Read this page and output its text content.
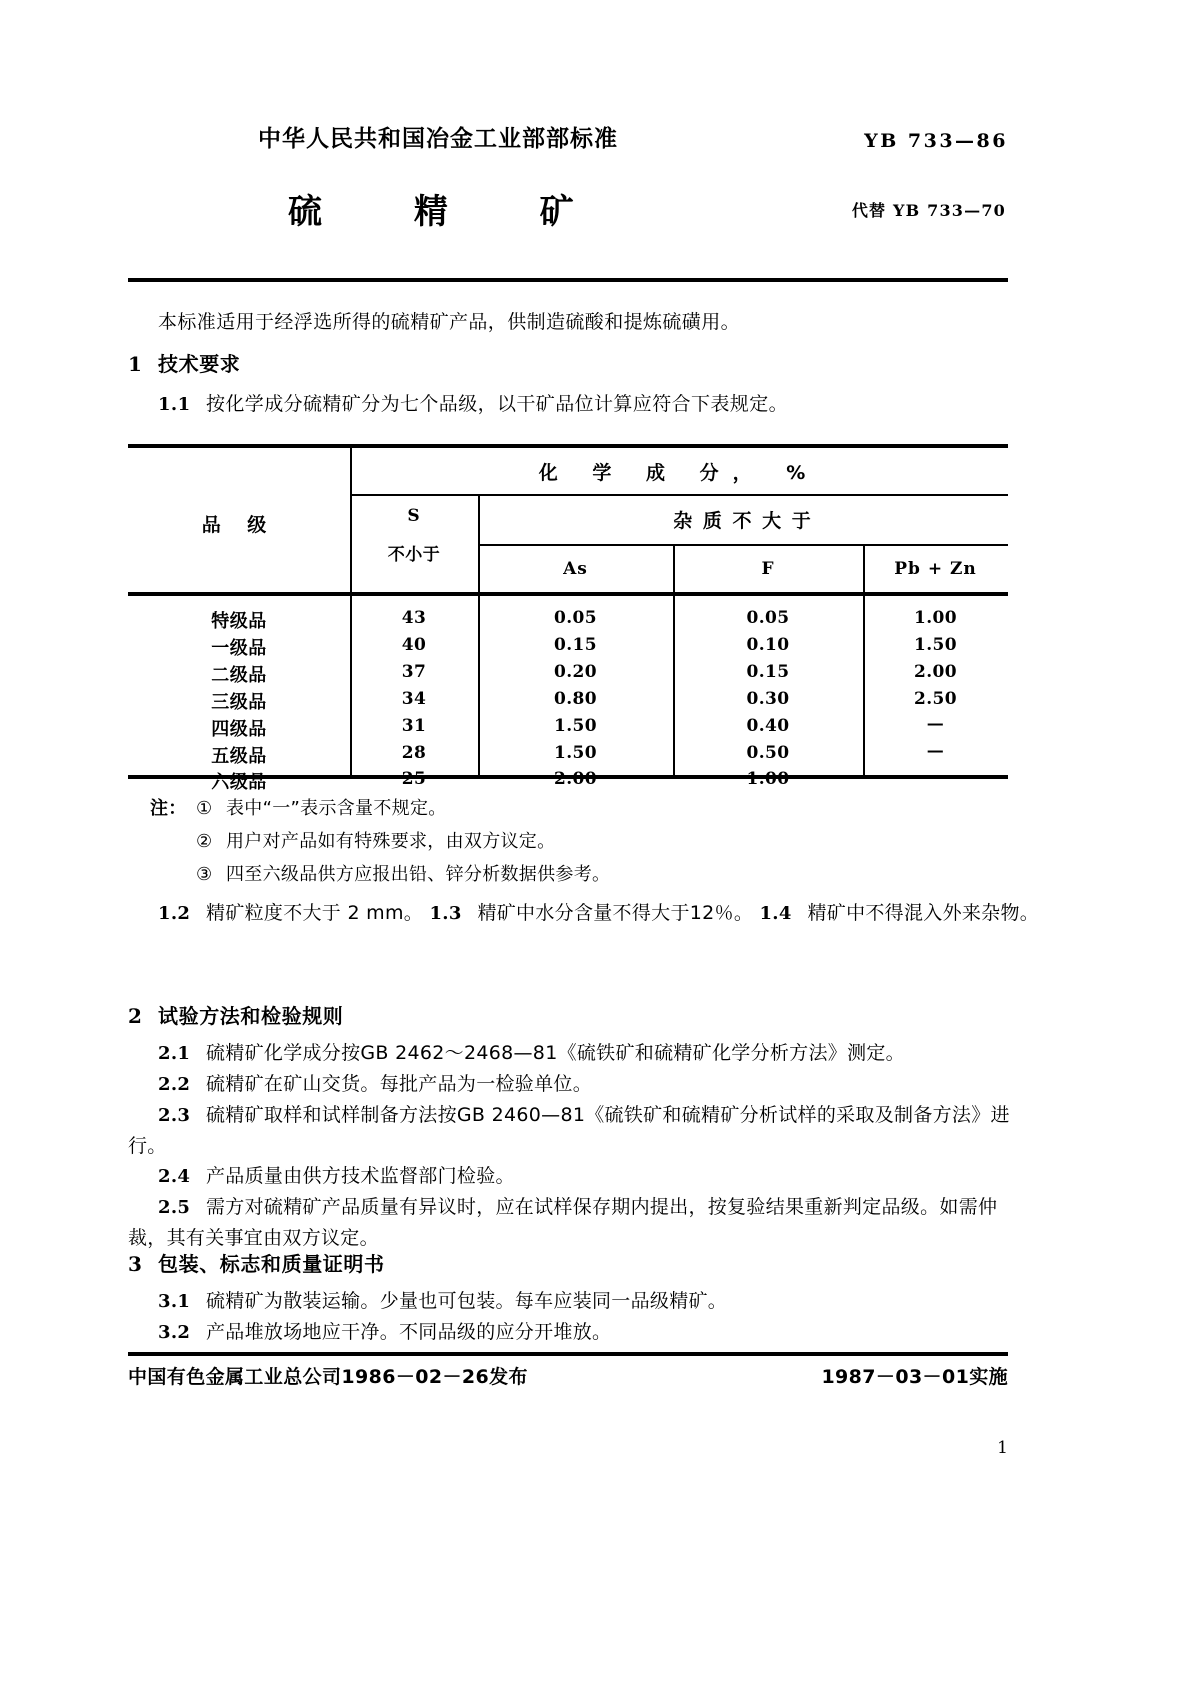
中华人民共和国冶金工业部部标准	YB 733—86
硫 精 矿	代替 YB 733—70
本标准适用于经浮选所得的硫精矿产品，供制造硫酸和提炼硫磺用。
1 技术要求
1.1 按化学成分硫精矿分为七个品级，以干矿品位计算应符合下表规定。
品 级
化 学 成 分， %
S
不小于
杂 质 不 大 于
As	F	Pb + Zn
特级品	43	0.05	0.05	1.00
一级品	40	0.15	0.10	1.50
二级品	37	0.20	0.15	2.00
三级品	34	0.80	0.30	2.50
四级品	31	1.50	0.40	—
五级品	28	1.50	0.50	—
六级品	25	2.00	1.00	—
注： ① 表中“一”表示含量不规定。
② 用户对产品如有特殊要求，由双方议定。
③ 四至六级品供方应报出铅、锌分析数据供参考。
1.2 精矿粒度不大于 2 mm。 1.3 精矿中水分含量不得大于12％。 1.4 精矿中不得混入外来杂物。
2 试验方法和检验规则
2.1 硫精矿化学成分按GB 2462～2468—81《硫铁矿和硫精矿化学分析方法》测定。
2.2 硫精矿在矿山交货。每批产品为一检验单位。
2.3 硫精矿取样和试样制备方法按GB 2460—81《硫铁矿和硫精矿分析试样的采取及制备方法》进
行。
2.4 产品质量由供方技术监督部门检验。
2.5 需方对硫精矿产品质量有异议时，应在试样保存期内提出，按复验结果重新判定品级。如需仲
裁，其有关事宜由双方议定。
3 包装、标志和质量证明书
3.1 硫精矿为散装运输。少量也可包装。每车应装同一品级精矿。
3.2 产品堆放场地应干净。不同品级的应分开堆放。
中国有色金属工业总公司1986－02－26发布	1987－03－01实施
1
